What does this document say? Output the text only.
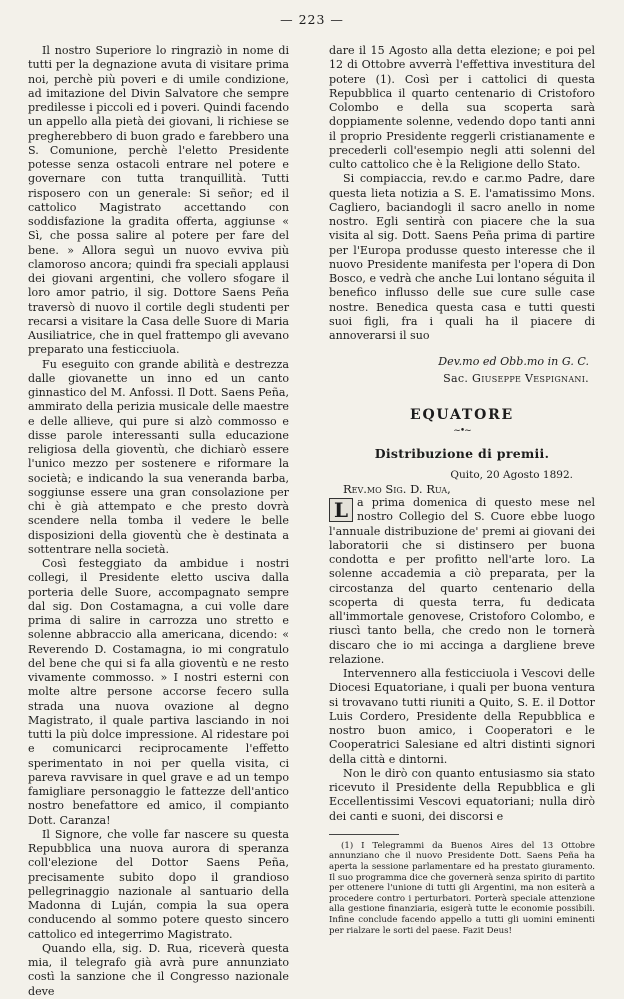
— 223 —

Il nostro Superiore lo ringraziò in nome di tutti per la degnazione avuta di visitare prima noi, perchè più poveri e di umile condizione, ad imitazione del Divin Salvatore che sempre predilesse i piccoli ed i poveri. Quindi facendo un appello alla pietà dei giovani, li richiese se pregherebbero di buon grado e farebbero una S. Comunione, perchè l'eletto Presidente potesse senza ostacoli entrare nel potere e governare con tutta tranquillità. Tutti risposero con un generale: Si señor; ed il cattolico Magistrato accettando con soddisfazione la gradita offerta, aggiunse « Sì, che possa salire al potere per fare del bene. » Allora seguì un nuovo evviva più clamoroso ancora; quindi fra speciali applausi dei giovani argentini, che vollero sfogare il loro amor patrio, il sig. Dottore Saens Peña traversò di nuovo il cortile degli studenti per recarsi a visitare la Casa delle Suore di Maria Ausiliatrice, che in quel frattempo gli avevano preparato una festicciuola.

Fu eseguito con grande abilità e destrezza dalle giovanette un inno ed un canto ginnastico del M. Anfossi. Il Dott. Saens Peña, ammirato della perizia musicale delle maestre e delle allieve, qui pure si alzò commosso e disse parole interessanti sulla educazione religiosa della gioventù, che dichiarò essere l'unico mezzo per sostenere e riformare la società; e indicando la sua veneranda barba, soggiunse essere una gran consolazione per chi è già attempato e che presto dovrà scendere nella tomba il vedere le belle disposizioni della gioventù che è destinata a sottentrare nella società.

Così festeggiato da ambidue i nostri collegi, il Presidente eletto usciva dalla porteria delle Suore, accompagnato sempre dal sig. Don Costamagna, a cui volle dare prima di salire in carrozza uno stretto e solenne abbraccio alla americana, dicendo: « Reverendo D. Costamagna, io mi congratulo del bene che qui si fa alla gioventù e ne resto vivamente commosso. » I nostri esterni con molte altre persone accorse fecero sulla strada una nuova ovazione al degno Magistrato, il quale partiva lasciando in noi tutti la più dolce impressione. Al ridestare poi e comunicarci reciprocamente l'effetto sperimentato in noi per quella visita, ci pareva ravvisare in quel grave e ad un tempo famigliare personaggio le fattezze dell'antico nostro benefattore ed amico, il compianto Dott. Caranza!

Il Signore, che volle far nascere su questa Repubblica una nuova aurora di speranza coll'elezione del Dottor Saens Peña, precisamente subito dopo il grandioso pellegrinaggio nazionale al santuario della Madonna di Luján, compia la sua opera conducendo al sommo potere questo sincero cattolico ed integerrimo Magistrato.

Quando ella, sig. D. Rua, riceverà questa mia, il telegrafo già avrà pure annunziato costì la sanzione che il Congresso nazionale deve

dare il 15 Agosto alla detta elezione; e poi pel 12 di Ottobre avverrà l'effettiva investitura del potere (1). Così per i cattolici di questa Repubblica il quarto centenario di Cristoforo Colombo e della sua scoperta sarà doppiamente solenne, vedendo dopo tanti anni il proprio Presidente reggerli cristianamente e precederli coll'esempio negli atti solenni del culto cattolico che è la Religione dello Stato.

Si compiaccia, rev.do e car.mo Padre, dare questa lieta notizia a S. E. l'amatissimo Mons. Cagliero, baciandogli il sacro anello in nome nostro. Egli sentirà con piacere che la sua visita al sig. Dott. Saens Peña prima di partire per l'Europa produsse questo interesse che il nuovo Presidente manifesta per l'opera di Don Bosco, e vedrà che anche Lui lontano séguita il benefico influsso delle sue cure sulle case nostre. Benedica questa casa e tutti questi suoi figli, fra i quali ha il piacere di annoverarsi il suo

Dev.mo ed Obb.mo in G. C.
Sac. Giuseppe Vespignani.
EQUATORE
~•~
Distribuzione di premii.
Quito, 20 Agosto 1892.

Rev.mo Sig. D. Rua,

L a prima domenica di questo mese nel nostro Collegio del S. Cuore ebbe luogo l'annuale distribuzione de' premi ai giovani dei laboratorii che si distinsero per buona condotta e per profitto nell'arte loro. La solenne accademia a ciò preparata, per la circostanza del quarto centenario della scoperta di questa terra, fu dedicata all'immortale genovese, Cristoforo Colombo, e riuscì tanto bella, che credo non le tornerà discaro che io mi accinga a dargliene breve relazione.

Intervennero alla festicciuola i Vescovi delle Diocesi Equatoriane, i quali per buona ventura si trovavano tutti riuniti a Quito, S. E. il Dottor Luis Cordero, Presidente della Repubblica e nostro buon amico, i Cooperatori e le Cooperatrici Salesiane ed altri distinti signori della città e dintorni.

Non le dirò con quanto entusiasmo sia stato ricevuto il Presidente della Repubblica e gli Eccellentissimi Vescovi equatoriani; nulla dirò dei canti e suoni, dei discorsi e

(1) I Telegrammi da Buenos Aires del 13 Ottobre annunziano che il nuovo Presidente Dott. Saens Peña ha aperta la sessione parlamentare ed ha prestato giuramento. Il suo programma dice che governerà senza spirito di partito per ottenere l'unione di tutti gli Argentini, ma non esiterà a procedere contro i perturbatori. Porterà speciale attenzione alla gestione finanziaria, esigerà tutte le economie possibili. Infine conclude facendo appello a tutti gli uomini eminenti per rialzare le sorti del paese. Fazit Deus!
